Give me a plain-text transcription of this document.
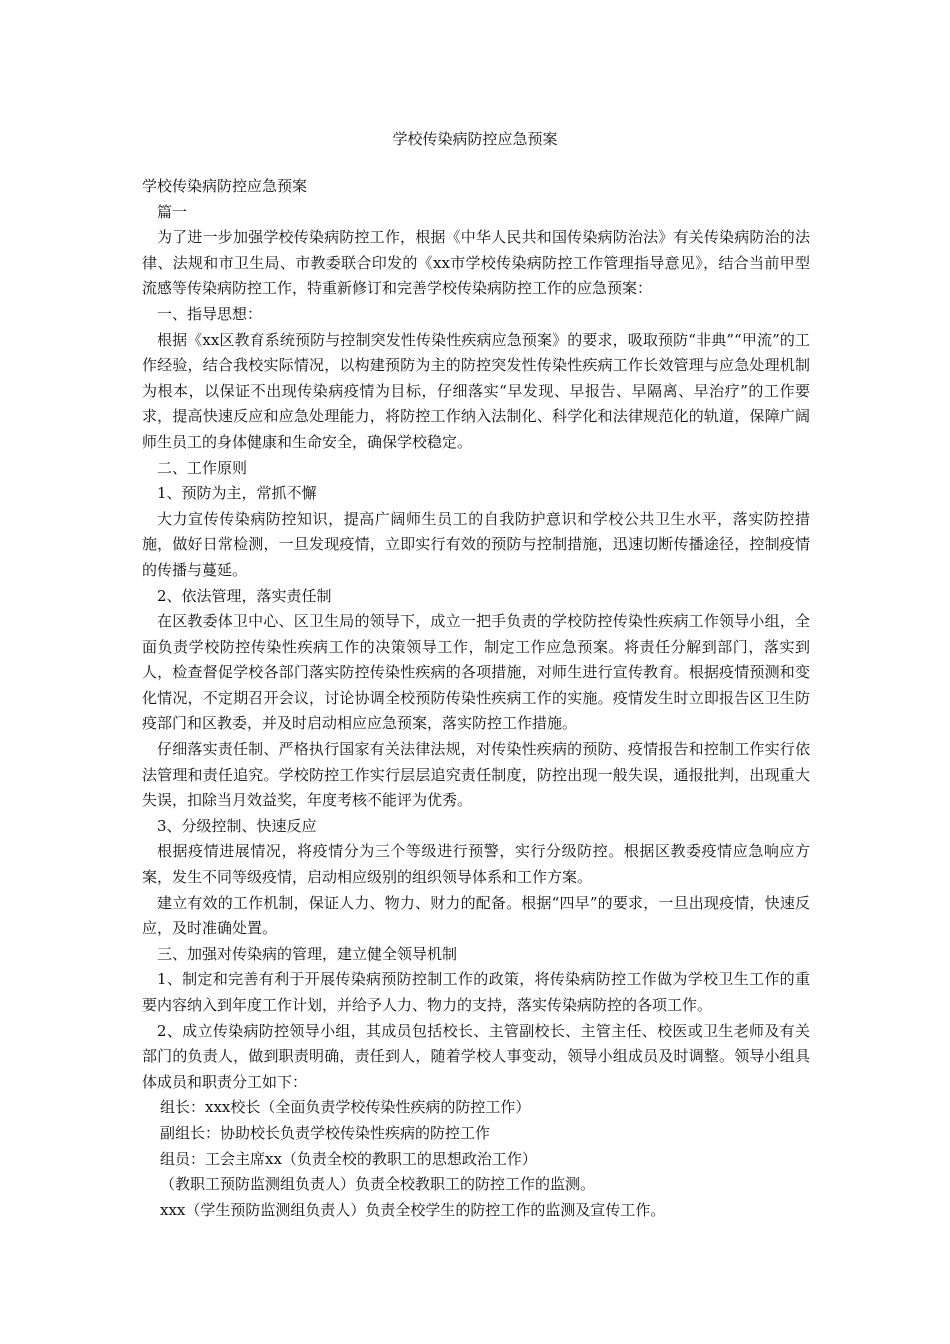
学校传染病防控应急预案

学校传染病防控应急预案

篇一

为了进一步加强学校传染病防控工作，根据《中华人民共和国传染病防治法》有关传染病防治的法律、法规和市卫生局、市教委联合印发的《xx市学校传染病防控工作管理指导意见》，结合当前甲型流感等传染病防控工作，特重新修订和完善学校传染病防控工作的应急预案：

一、指导思想：

根据《xx区教育系统预防与控制突发性传染性疾病应急预案》的要求，吸取预防“非典”“甲流”的工作经验，结合我校实际情况，以构建预防为主的防控突发性传染性疾病工作长效管理与应急处理机制为根本，以保证不出现传染病疫情为目标，仔细落实“早发现、早报告、早隔离、早治疗”的工作要求，提高快速反应和应急处理能力，将防控工作纳入法制化、科学化和法律规范化的轨道，保障广阔师生员工的身体健康和生命安全，确保学校稳定。

二、工作原则

1、预防为主，常抓不懈

大力宣传传染病防控知识，提高广阔师生员工的自我防护意识和学校公共卫生水平，落实防控措施，做好日常检测，一旦发现疫情，立即实行有效的预防与控制措施，迅速切断传播途径，控制疫情的传播与蔓延。

2、依法管理，落实责任制

在区教委体卫中心、区卫生局的领导下，成立一把手负责的学校防控传染性疾病工作领导小组，全面负责学校防控传染性疾病工作的决策领导工作，制定工作应急预案。将责任分解到部门，落实到人，检查督促学校各部门落实防控传染性疾病的各项措施，对师生进行宣传教育。根据疫情预测和变化情况，不定期召开会议，讨论协调全校预防传染性疾病工作的实施。疫情发生时立即报告区卫生防疫部门和区教委，并及时启动相应应急预案，落实防控工作措施。

仔细落实责任制、严格执行国家有关法律法规，对传染性疾病的预防、疫情报告和控制工作实行依法管理和责任追究。学校防控工作实行层层追究责任制度，防控出现一般失误，通报批判，出现重大失误，扣除当月效益奖，年度考核不能评为优秀。

3、分级控制、快速反应

根据疫情进展情况，将疫情分为三个等级进行预警，实行分级防控。根据区教委疫情应急响应方案，发生不同等级疫情，启动相应级别的组织领导体系和工作方案。

建立有效的工作机制，保证人力、物力、财力的配备。根据“四早”的要求，一旦出现疫情，快速反应，及时准确处置。

三、加强对传染病的管理，建立健全领导机制

1、制定和完善有利于开展传染病预防控制工作的政策，将传染病防控工作做为学校卫生工作的重要内容纳入到年度工作计划，并给予人力、物力的支持，落实传染病防控的各项工作。

2、成立传染病防控领导小组，其成员包括校长、主管副校长、主管主任、校医或卫生老师及有关部门的负责人，做到职责明确，责任到人，随着学校人事变动，领导小组成员及时调整。领导小组具体成员和职责分工如下：

组长：xxx校长（全面负责学校传染性疾病的防控工作）

副组长：协助校长负责学校传染性疾病的防控工作

组员：工会主席xx（负责全校的教职工的思想政治工作）

（教职工预防监测组负责人）负责全校教职工的防控工作的监测。

xxx（学生预防监测组负责人）负责全校学生的防控工作的监测及宣传工作。
